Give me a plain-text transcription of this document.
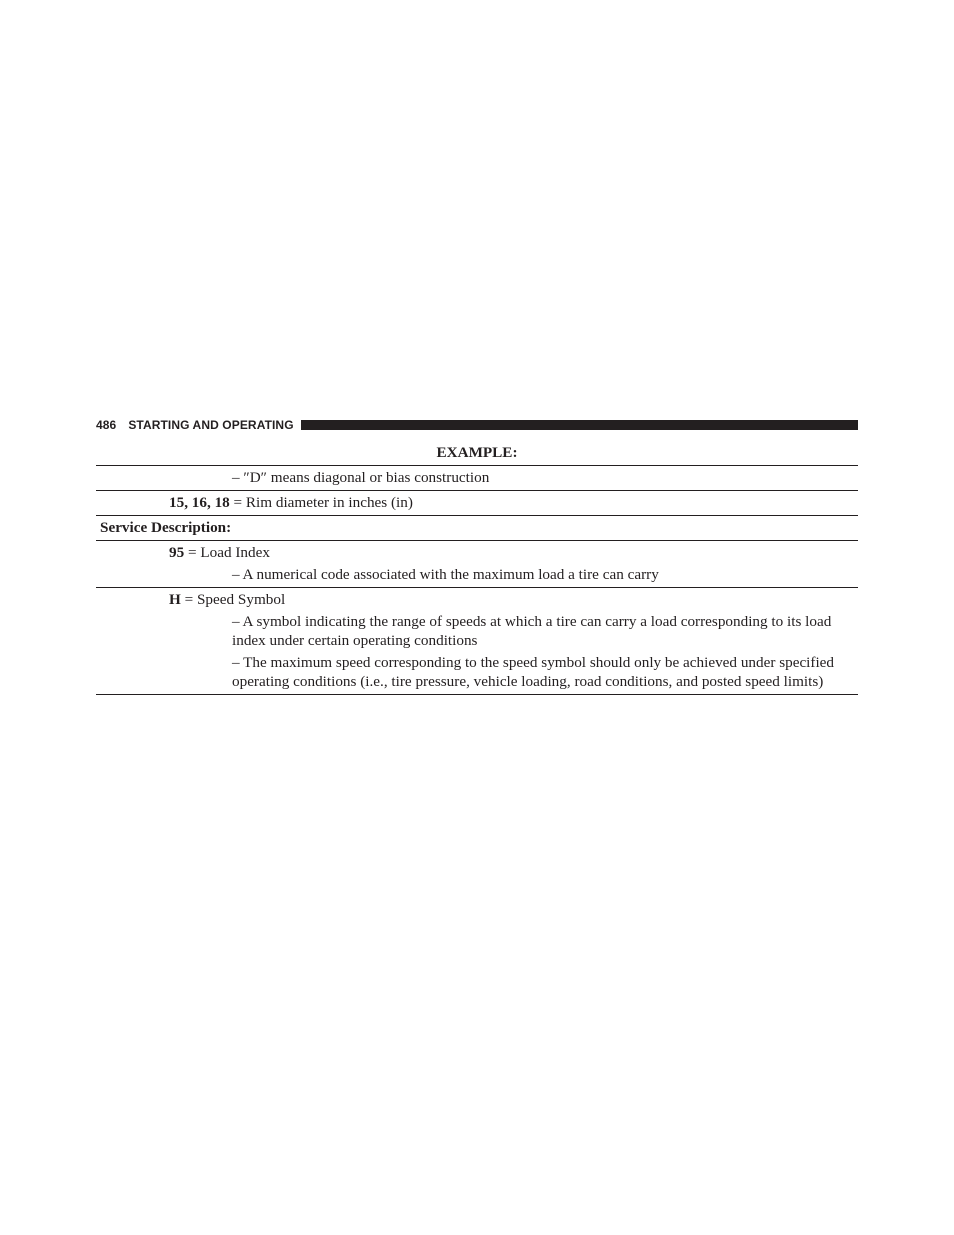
486 STARTING AND OPERATING
EXAMPLE:
– ″D″ means diagonal or bias construction
15, 16, 18 = Rim diameter in inches (in)
Service Description:
95 = Load Index
– A numerical code associated with the maximum load a tire can carry
H = Speed Symbol
– A symbol indicating the range of speeds at which a tire can carry a load corresponding to its load index under certain operating conditions
– The maximum speed corresponding to the speed symbol should only be achieved under specified operating conditions (i.e., tire pressure, vehicle loading, road conditions, and posted speed limits)
